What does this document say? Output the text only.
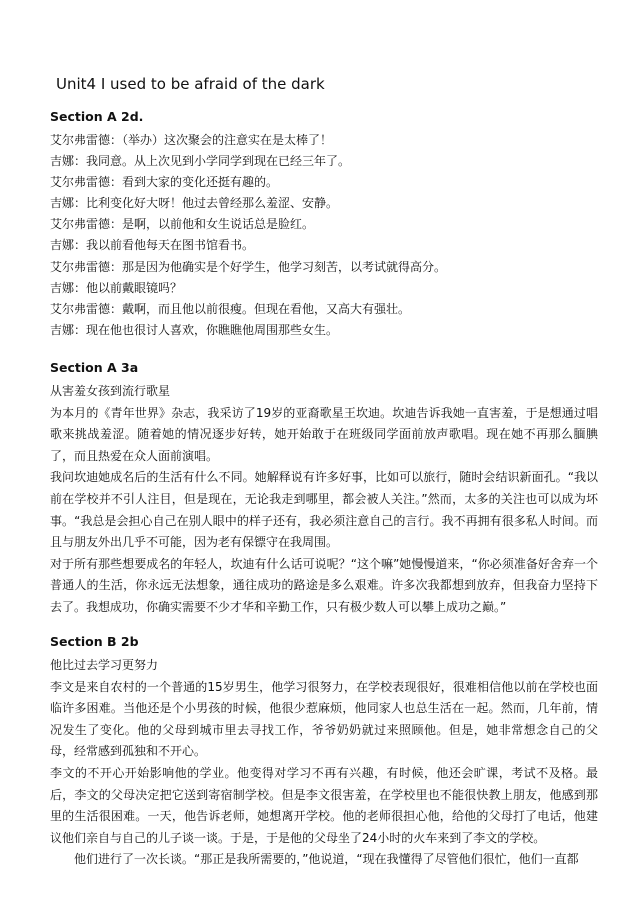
Unit4 I used to be afraid of the dark
Section A 2d.
艾尔弗雷德：（举办）这次聚会的注意实在是太棒了！
吉娜：我同意。从上次见到小学同学到现在已经三年了。
艾尔弗雷德：看到大家的变化还挺有趣的。
吉娜：比利变化好大呀！他过去曾经那么羞涩、安静。
艾尔弗雷德：是啊，以前他和女生说话总是脸红。
吉娜：我以前看他每天在图书馆看书。
艾尔弗雷德：那是因为他确实是个好学生，他学习刻苦，以考试就得高分。
吉娜：他以前戴眼镜吗？
艾尔弗雷德：戴啊，而且他以前很瘦。但现在看他，又高大有强壮。
吉娜：现在他也很讨人喜欢，你瞧瞧他周围那些女生。
Section A 3a
从害羞女孩到流行歌星

为本月的《青年世界》杂志，我采访了19岁的亚裔歌星王坎迪。坎迪告诉我她一直害羞，于是想通过唱歌来挑战羞涩。随着她的情况逐步好转，她开始敢于在班级同学面前放声歌唱。现在她不再那么腼腆了，而且热爱在众人面前演唱。

我问坎迪她成名后的生活有什么不同。她解释说有许多好事，比如可以旅行，随时会结识新面孔。“我以前在学校并不引人注目，但是现在，无论我走到哪里，都会被人关注。”然而，太多的关注也可以成为坏事。“我总是会担心自己在别人眼中的样子还有，我必须注意自己的言行。我不再拥有很多私人时间。而且与朋友外出几乎不可能，因为老有保镖守在我周围。

对于所有那些想要成名的年轻人，坎迪有什么话可说呢？“这个嘛”她慢慢道来，“你必须准备好舍弃一个普通人的生活，你永远无法想象，通往成功的路途是多么艰难。许多次我都想到放弃，但我奋力坚持下去了。我想成功，你确实需要不少才华和辛勤工作，只有极少数人可以攀上成功之巅。”

Section B 2b
他比过去学习更努力

李文是来自农村的一个普通的15岁男生，他学习很努力，在学校表现很好，很难相信他以前在学校也面临许多困难。当他还是个小男孩的时候，他很少惹麻烦，他同家人也总生活在一起。然而，几年前，情况发生了变化。他的父母到城市里去寻找工作，爷爷奶奶就过来照顾他。但是，她非常想念自己的父母，经常感到孤独和不开心。

李文的不开心开始影响他的学业。他变得对学习不再有兴趣，有时候，他还会旷课，考试不及格。最后，李文的父母决定把它送到寄宿制学校。但是李文很害羞，在学校里也不能很快教上朋友，他感到那里的生活很困难。一天，他告诉老师，她想离开学校。他的老师很担心他，给他的父母打了电话，他建议他们亲自与自己的儿子谈一谈。于是，于是他的父母坐了24小时的火车来到了李文的学校。

他们进行了一次长谈。“那正是我所需要的，”他说道，“现在我懂得了尽管他们很忙，他们一直都
